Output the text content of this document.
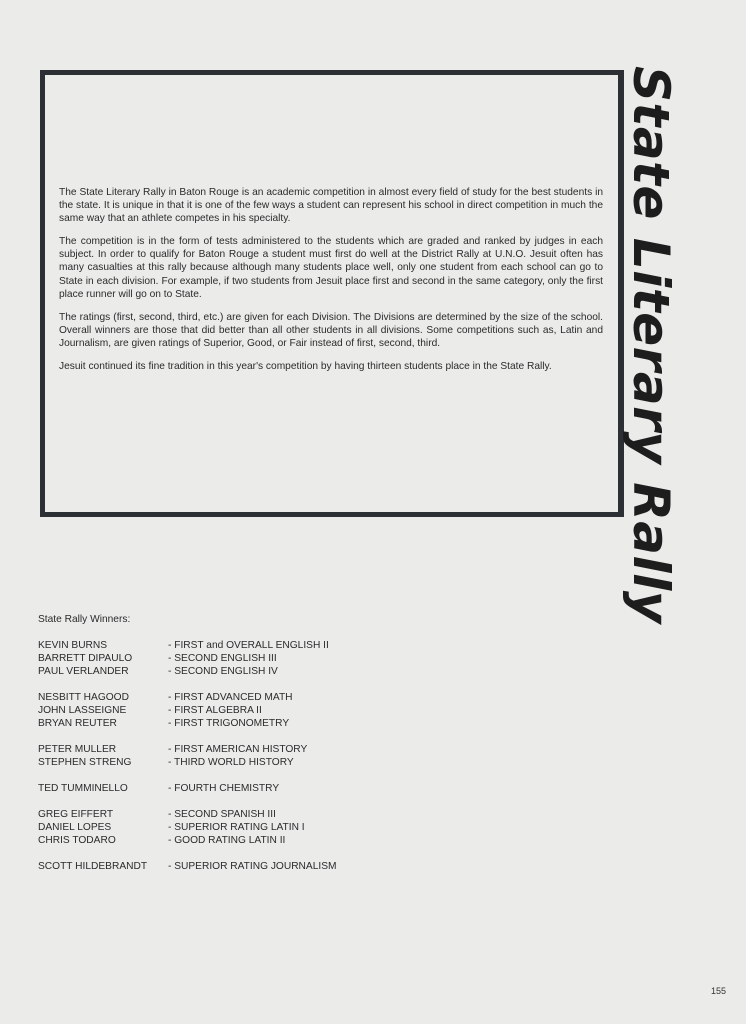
The State Literary Rally in Baton Rouge is an academic competition in almost every field of study for the best students in the state. It is unique in that it is one of the few ways a student can represent his school in direct competition in much the same way that an athlete competes in his specialty.

The competition is in the form of tests administered to the students which are graded and ranked by judges in each subject. In order to qualify for Baton Rouge a student must first do well at the District Rally at U.N.O. Jesuit often has many casualties at this rally because although many students place well, only one student from each school can go to State in each division. For example, if two students from Jesuit place first and second in the same category, only the first place runner will go on to State.

The ratings (first, second, third, etc.) are given for each Division. The Divisions are determined by the size of the school. Overall winners are those that did better than all other students in all divisions. Some competitions such as, Latin and Journalism, are given ratings of Superior, Good, or Fair instead of first, second, third.

Jesuit continued its fine tradition in this year's competition by having thirteen students place in the State Rally.	State Literary Rally
State Rally Winners:
KEVIN BURNS	- FIRST and OVERALL ENGLISH II
BARRETT DIPAULO	- SECOND ENGLISH III
PAUL VERLANDER	- SECOND ENGLISH IV
NESBITT HAGOOD	- FIRST ADVANCED MATH
JOHN LASSEIGNE	- FIRST ALGEBRA II
BRYAN REUTER	- FIRST TRIGONOMETRY
PETER MULLER	- FIRST AMERICAN HISTORY
STEPHEN STRENG	- THIRD WORLD HISTORY
TED TUMMINELLO	- FOURTH CHEMISTRY
GREG EIFFERT	- SECOND SPANISH III
DANIEL LOPES	- SUPERIOR RATING LATIN I
CHRIS TODARO	- GOOD RATING LATIN II
SCOTT HILDEBRANDT	- SUPERIOR RATING JOURNALISM
155
